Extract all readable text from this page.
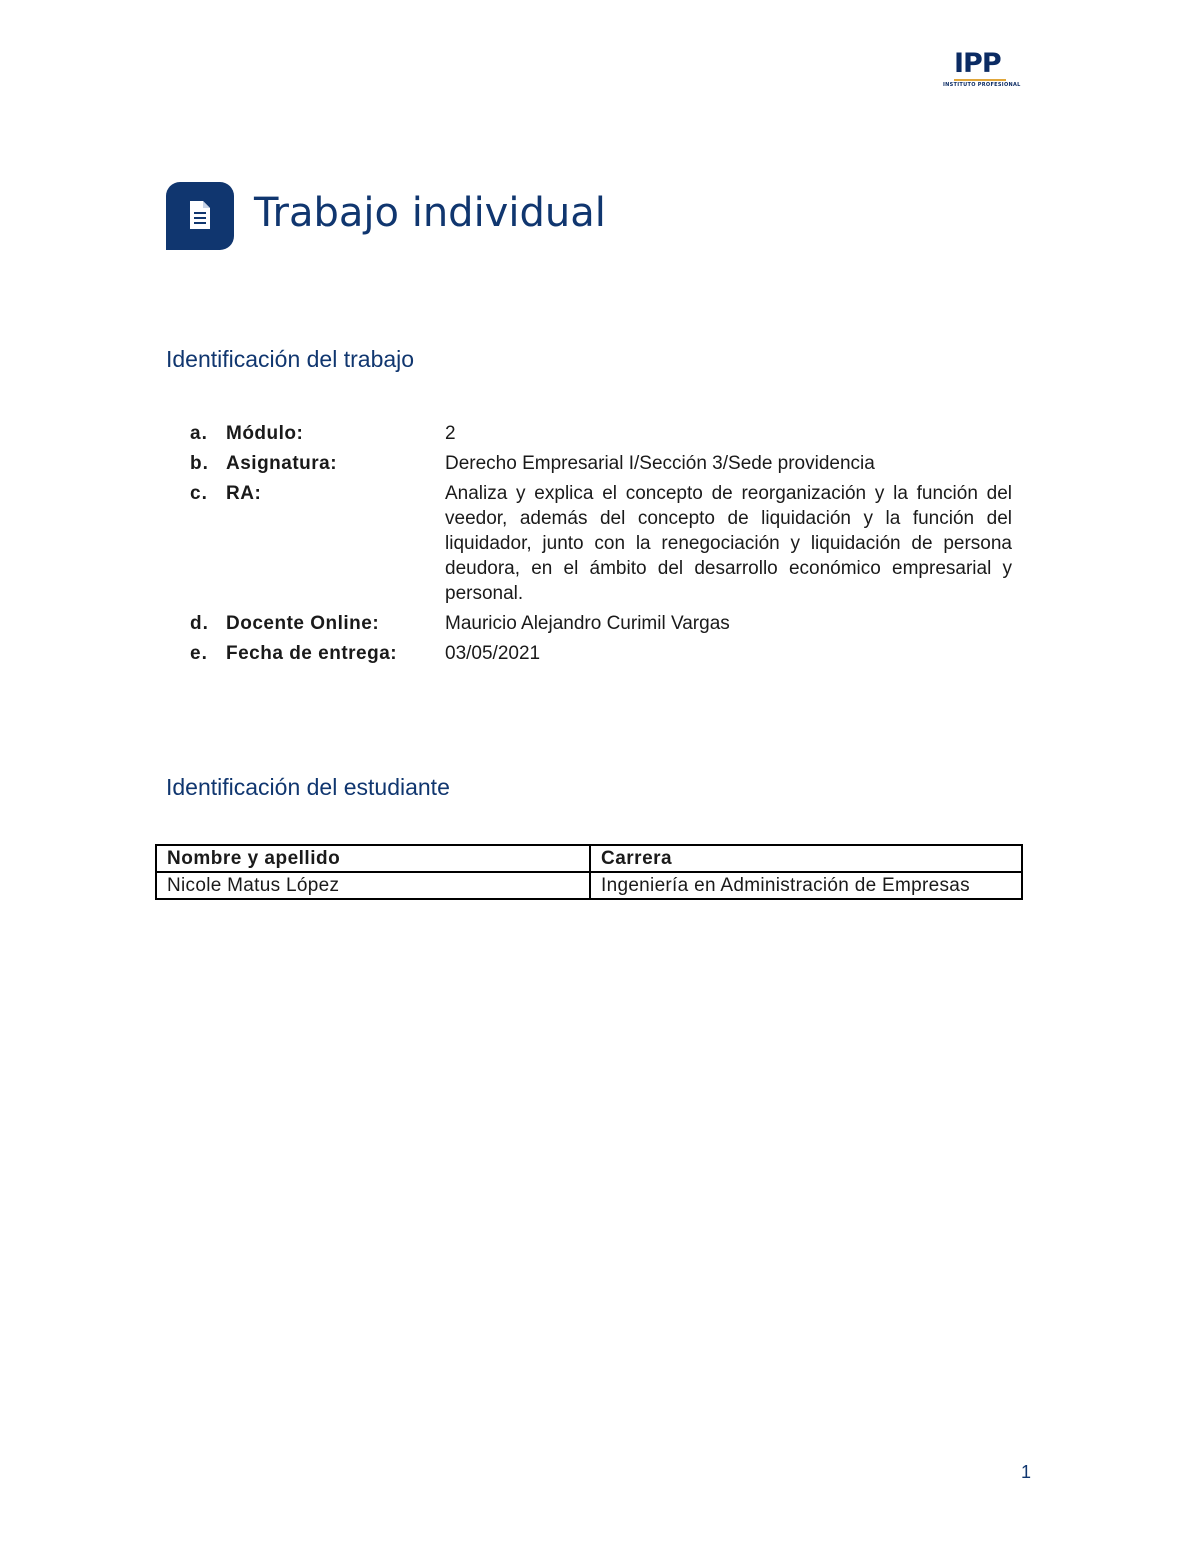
IPP
INSTITUTO PROFESIONAL
Trabajo individual
Identificación del trabajo
a. Módulo:	2
b. Asignatura:	Derecho Empresarial I/Sección 3/Sede providencia
c. RA:	Analiza y explica el concepto de reorganización y la función del veedor, además del concepto de liquidación y la función del liquidador, junto con la renegociación y liquidación de persona deudora, en el ámbito del desarrollo económico empresarial y personal.
d. Docente Online:	Mauricio Alejandro Curimil Vargas
e. Fecha de entrega:	03/05/2021
Identificación del estudiante
Nombre y apellido	Carrera
Nicole Matus López	Ingeniería en Administración de Empresas
1
